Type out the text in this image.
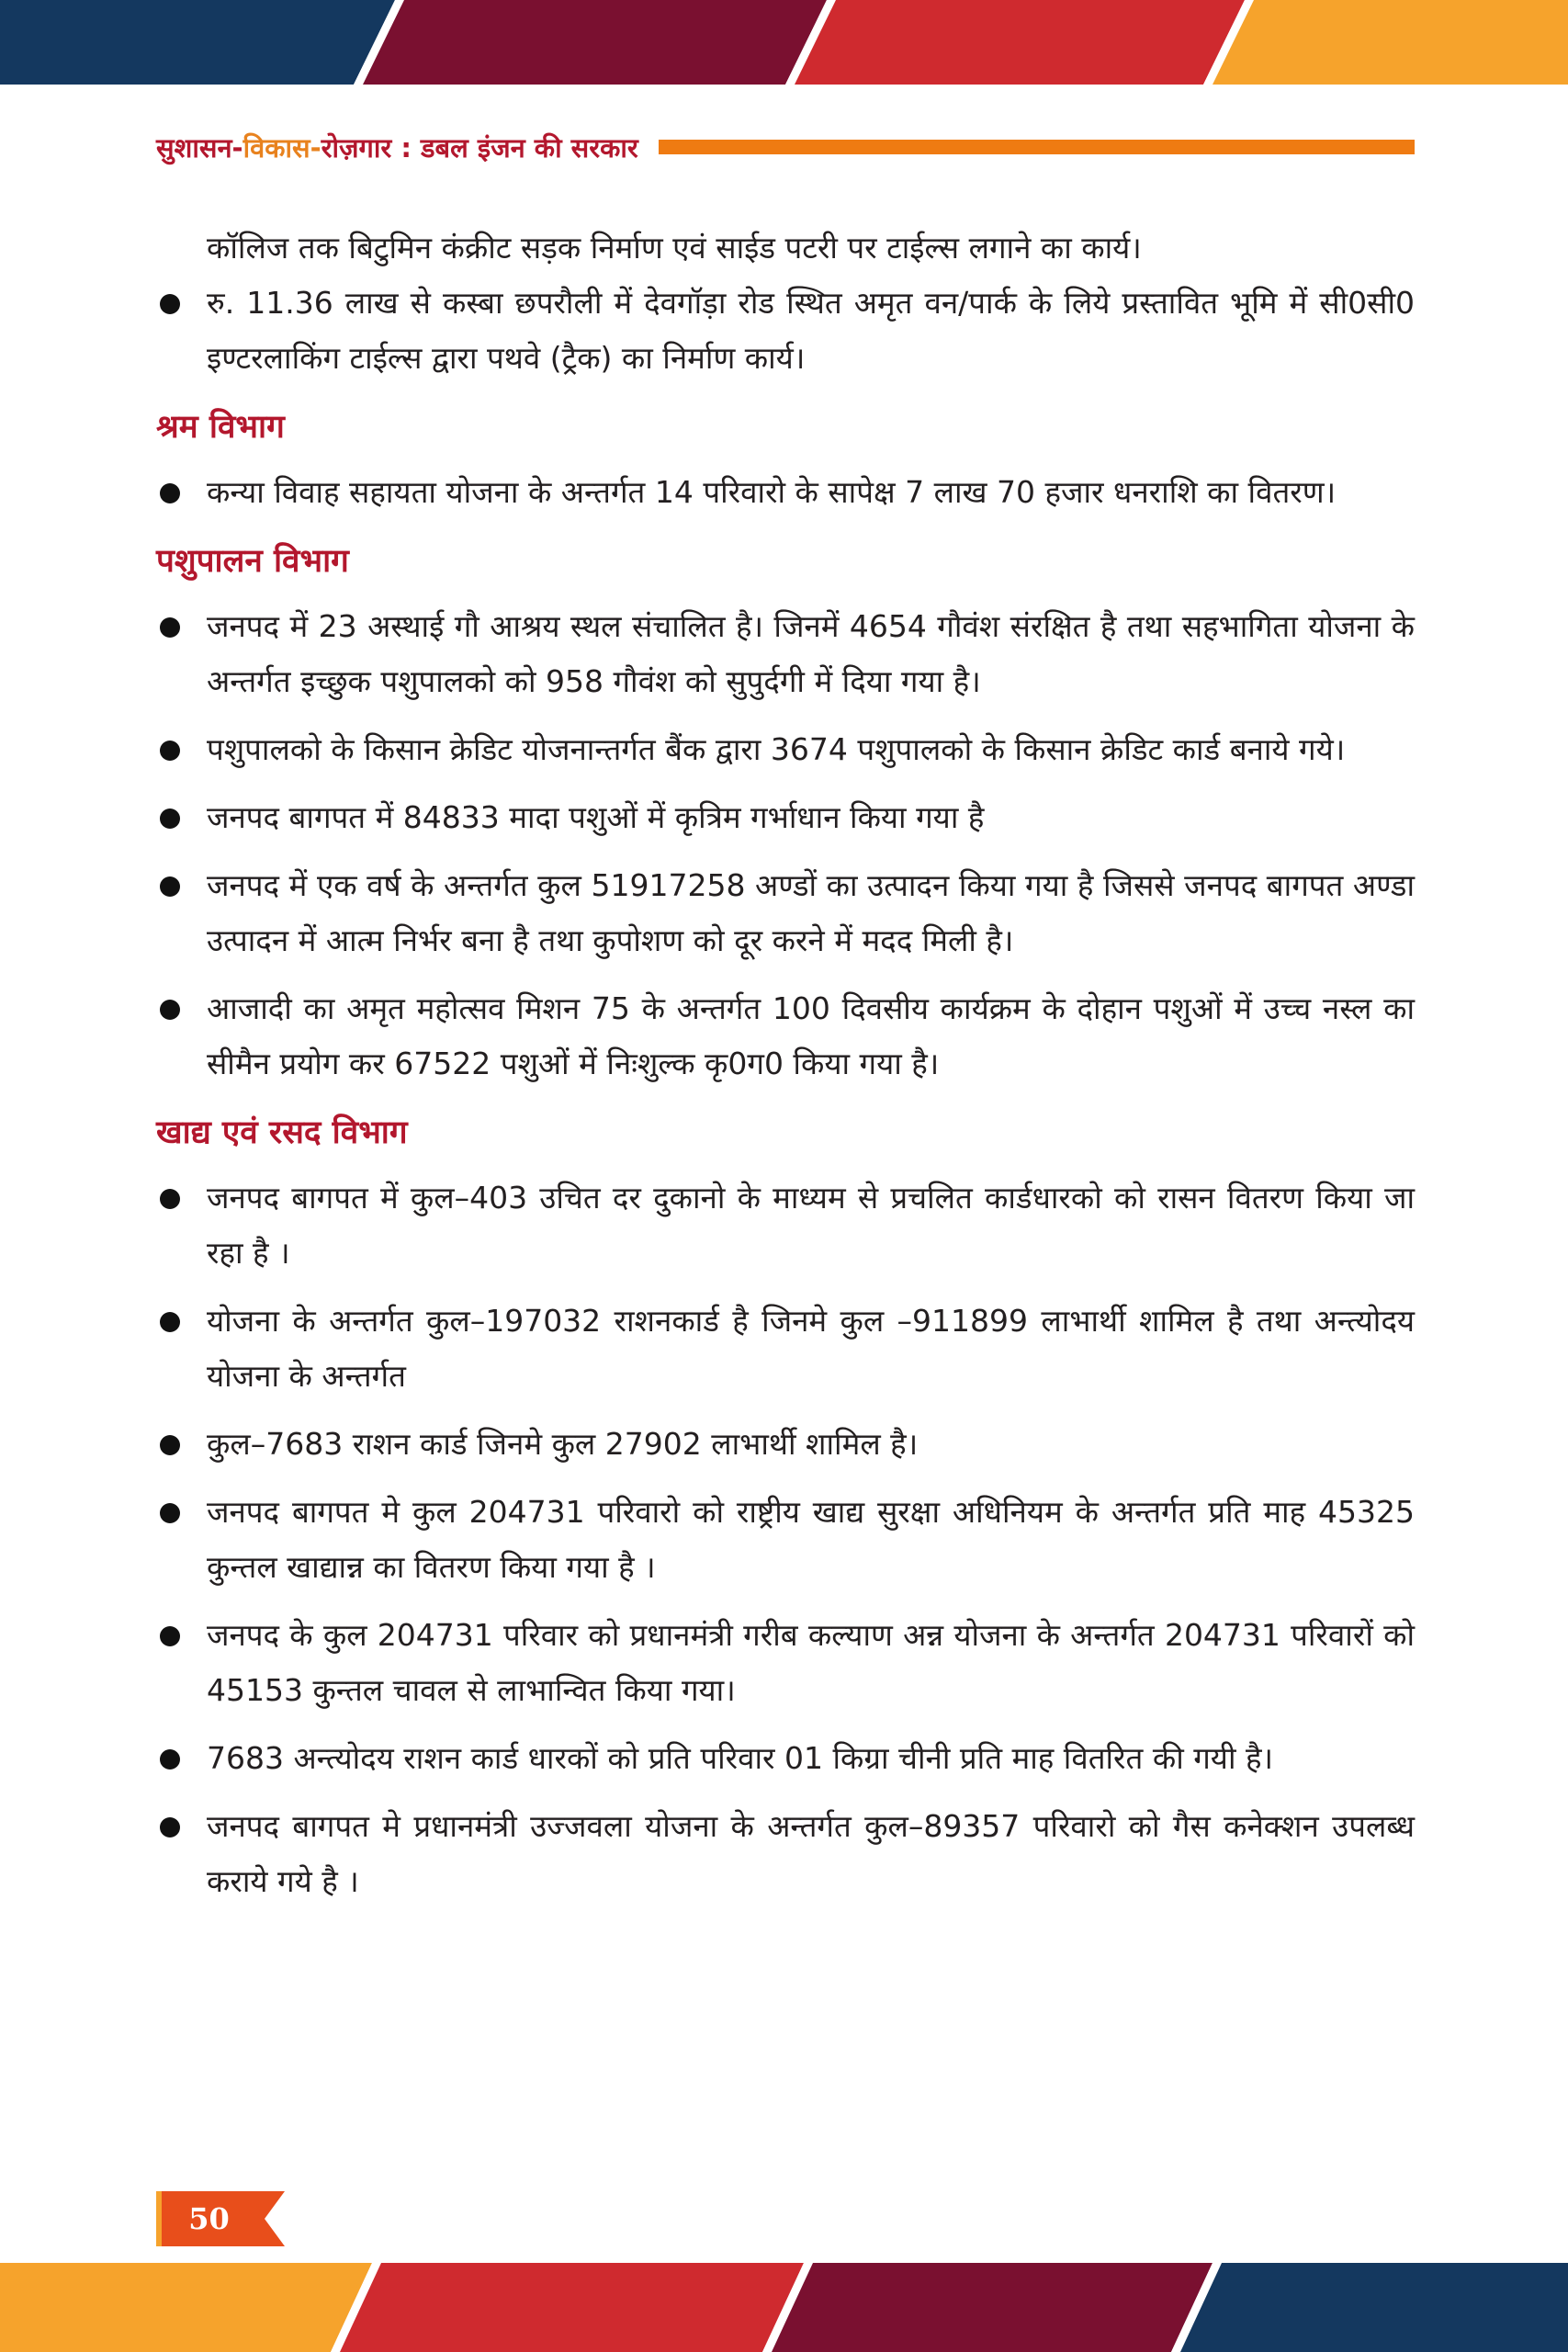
सुशासन-विकास-रोज़गार : डबल इंजन की सरकार

कॉलिज तक बिटुमिन कंक्रीट सड़क निर्माण एवं साईड पटरी पर टाईल्स लगाने का कार्य।

रु. 11.36 लाख से कस्बा छपरौली में देवगॉड़ा रोड स्थित अमृत वन/पार्क के लिये प्रस्तावित भूमि में सी0सी0 इण्टरलाकिंग टाईल्स द्वारा पथवे (ट्रैक) का निर्माण कार्य।
श्रम विभाग
कन्या विवाह सहायता योजना के अन्तर्गत 14 परिवारो के सापेक्ष 7 लाख 70 हजार धनराशि का वितरण।
पशुपालन विभाग
जनपद में 23 अस्थाई गौ आश्रय स्थल संचालित है। जिनमें 4654 गौवंश संरक्षित है तथा सहभागिता योजना के अन्तर्गत इच्छुक पशुपालको को 958 गौवंश को सुपुर्दगी में दिया गया है।
पशुपालको के किसान क्रेडिट योजनान्तर्गत बैंक द्वारा 3674 पशुपालको के किसान क्रेडिट कार्ड बनाये गये।
जनपद बागपत में 84833 मादा पशुओं में कृत्रिम गर्भाधान किया गया है
जनपद में एक वर्ष के अन्तर्गत कुल 51917258 अण्डों का उत्पादन किया गया है जिससे जनपद बागपत अण्डा उत्पादन में आत्म निर्भर बना है तथा कुपोशण को दूर करने में मदद मिली है।
आजादी का अमृत महोत्सव मिशन 75 के अन्तर्गत 100 दिवसीय कार्यक्रम के दोहान पशुओं में उच्च नस्ल का सीमैन प्रयोग कर 67522 पशुओं में निःशुल्क कृ0ग0 किया गया है।
खाद्य एवं रसद विभाग
जनपद बागपत में कुल–403 उचित दर दुकानो के माध्यम से प्रचलित कार्डधारको को रासन वितरण किया जा रहा है ।
योजना के अन्तर्गत कुल–197032 राशनकार्ड है जिनमे कुल –911899 लाभार्थी शामिल है तथा अन्त्योदय योजना के अन्तर्गत
कुल–7683 राशन कार्ड जिनमे कुल 27902 लाभार्थी शामिल है।
जनपद बागपत मे कुल 204731 परिवारो को राष्ट्रीय खाद्य सुरक्षा अधिनियम के अन्तर्गत प्रति माह 45325 कुन्तल खाद्यान्न का वितरण किया गया है ।
जनपद के कुल 204731 परिवार को प्रधानमंत्री गरीब कल्याण अन्न योजना के अन्तर्गत 204731 परिवारों को 45153 कुन्तल चावल से लाभान्वित किया गया।
7683 अन्त्योदय राशन कार्ड धारकों को प्रति परिवार 01 किग्रा चीनी प्रति माह वितरित की गयी है।
जनपद बागपत मे प्रधानमंत्री उज्जवला योजना के अन्तर्गत कुल–89357 परिवारो को गैस कनेक्शन उपलब्ध कराये गये है ।
50
